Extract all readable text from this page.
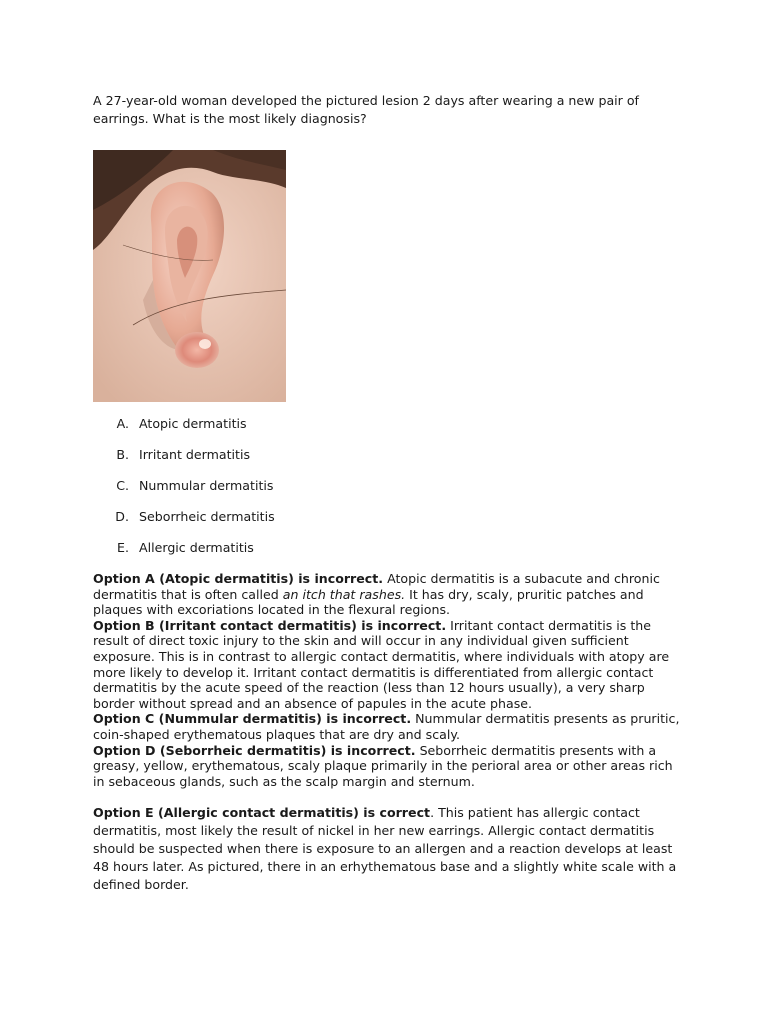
A 27-year-old woman developed the pictured lesion 2 days after wearing a new pair of earrings. What is the most likely diagnosis?

A. Atopic dermatitis
B. Irritant dermatitis
C. Nummular dermatitis
D. Seborrheic dermatitis
E. Allergic dermatitis

Option A (Atopic dermatitis) is incorrect. Atopic dermatitis is a subacute and chronic dermatitis that is often called an itch that rashes. It has dry, scaly, pruritic patches and plaques with excoriations located in the flexural regions.

Option B (Irritant contact dermatitis) is incorrect. Irritant contact dermatitis is the result of direct toxic injury to the skin and will occur in any individual given sufficient exposure. This is in contrast to allergic contact dermatitis, where individuals with atopy are more likely to develop it. Irritant contact dermatitis is differentiated from allergic contact dermatitis by the acute speed of the reaction (less than 12 hours usually), a very sharp border without spread and an absence of papules in the acute phase.

Option C (Nummular dermatitis) is incorrect. Nummular dermatitis presents as pruritic, coin-shaped erythematous plaques that are dry and scaly.

Option D (Seborrheic dermatitis) is incorrect. Seborrheic dermatitis presents with a greasy, yellow, erythematous, scaly plaque primarily in the perioral area or other areas rich in sebaceous glands, such as the scalp margin and sternum.

Option E (Allergic contact dermatitis) is correct. This patient has allergic contact dermatitis, most likely the result of nickel in her new earrings. Allergic contact dermatitis should be suspected when there is exposure to an allergen and a reaction develops at least 48 hours later. As pictured, there in an erhythematous base and a slightly white scale with a defined border.
